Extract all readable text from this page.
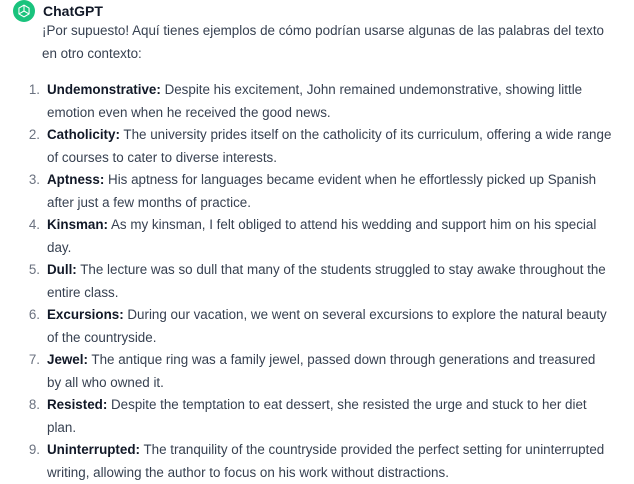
ChatGPT

¡Por supuesto! Aquí tienes ejemplos de cómo podrían usarse algunas de las palabras del texto en otro contexto:

1. Undemonstrative: Despite his excitement, John remained undemonstrative, showing little emotion even when he received the good news.
2. Catholicity: The university prides itself on the catholicity of its curriculum, offering a wide range of courses to cater to diverse interests.
3. Aptness: His aptness for languages became evident when he effortlessly picked up Spanish after just a few months of practice.
4. Kinsman: As my kinsman, I felt obliged to attend his wedding and support him on his special day.
5. Dull: The lecture was so dull that many of the students struggled to stay awake throughout the entire class.
6. Excursions: During our vacation, we went on several excursions to explore the natural beauty of the countryside.
7. Jewel: The antique ring was a family jewel, passed down through generations and treasured by all who owned it.
8. Resisted: Despite the temptation to eat dessert, she resisted the urge and stuck to her diet plan.
9. Uninterrupted: The tranquility of the countryside provided the perfect setting for uninterrupted writing, allowing the author to focus on his work without distractions.
